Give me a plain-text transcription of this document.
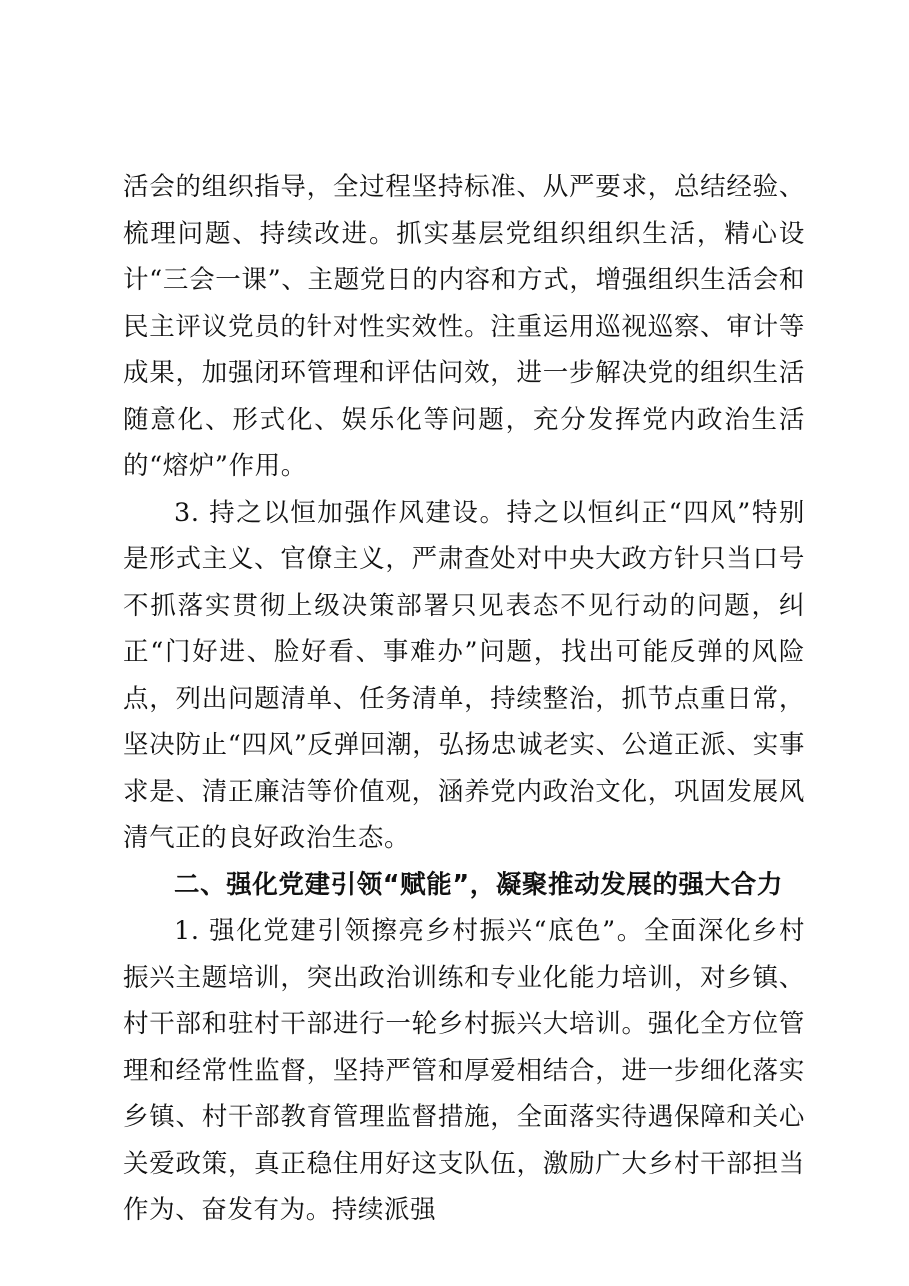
活会的组织指导，全过程坚持标准、从严要求，总结经验、梳理问题、持续改进。抓实基层党组织组织生活，精心设计“三会一课”、主题党日的内容和方式，增强组织生活会和民主评议党员的针对性实效性。注重运用巡视巡察、审计等成果，加强闭环管理和评估问效，进一步解决党的组织生活随意化、形式化、娱乐化等问题，充分发挥党内政治生活的“熔炉”作用。

3. 持之以恒加强作风建设。持之以恒纠正“四风”特别是形式主义、官僚主义，严肃查处对中央大政方针只当口号不抓落实贯彻上级决策部署只见表态不见行动的问题，纠正“门好进、脸好看、事难办”问题，找出可能反弹的风险点，列出问题清单、任务清单，持续整治，抓节点重日常，坚决防止“四风”反弹回潮，弘扬忠诚老实、公道正派、实事求是、清正廉洁等价值观，涵养党内政治文化，巩固发展风清气正的良好政治生态。

二、强化党建引领“赋能”，凝聚推动发展的强大合力

1. 强化党建引领擦亮乡村振兴“底色”。全面深化乡村振兴主题培训，突出政治训练和专业化能力培训，对乡镇、村干部和驻村干部进行一轮乡村振兴大培训。强化全方位管理和经常性监督，坚持严管和厚爱相结合，进一步细化落实乡镇、村干部教育管理监督措施，全面落实待遇保障和关心关爱政策，真正稳住用好这支队伍，激励广大乡村干部担当作为、奋发有为。持续派强
